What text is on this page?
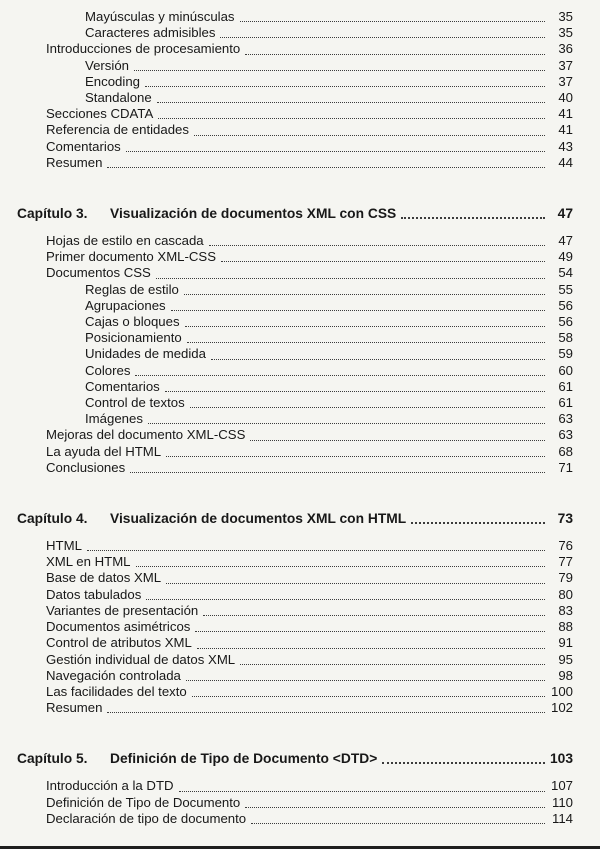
Mayúsculas y minúsculas	35
Caracteres admisibles	35
Introducciones de procesamiento	36
Versión	37
Encoding	37
Standalone	40
Secciones CDATA	41
Referencia de entidades	41
Comentarios	43
Resumen	44
Capítulo 3.	Visualización de documentos XML con CSS	47
Hojas de estilo en cascada	47
Primer documento XML-CSS	49
Documentos CSS	54
Reglas de estilo	55
Agrupaciones	56
Cajas o bloques	56
Posicionamiento	58
Unidades de medida	59
Colores	60
Comentarios	61
Control de textos	61
Imágenes	63
Mejoras del documento XML-CSS	63
La ayuda del HTML	68
Conclusiones	71
Capítulo 4.	Visualización de documentos XML con HTML	73
HTML	76
XML en HTML	77
Base de datos XML	79
Datos tabulados	80
Variantes de presentación	83
Documentos asimétricos	88
Control de atributos XML	91
Gestión individual de datos XML	95
Navegación controlada	98
Las facilidades del texto	100
Resumen	102
Capítulo 5.	Definición de Tipo de Documento <DTD>	103
Introducción a la DTD	107
Definición de Tipo de Documento	110
Declaración de tipo de documento	114
